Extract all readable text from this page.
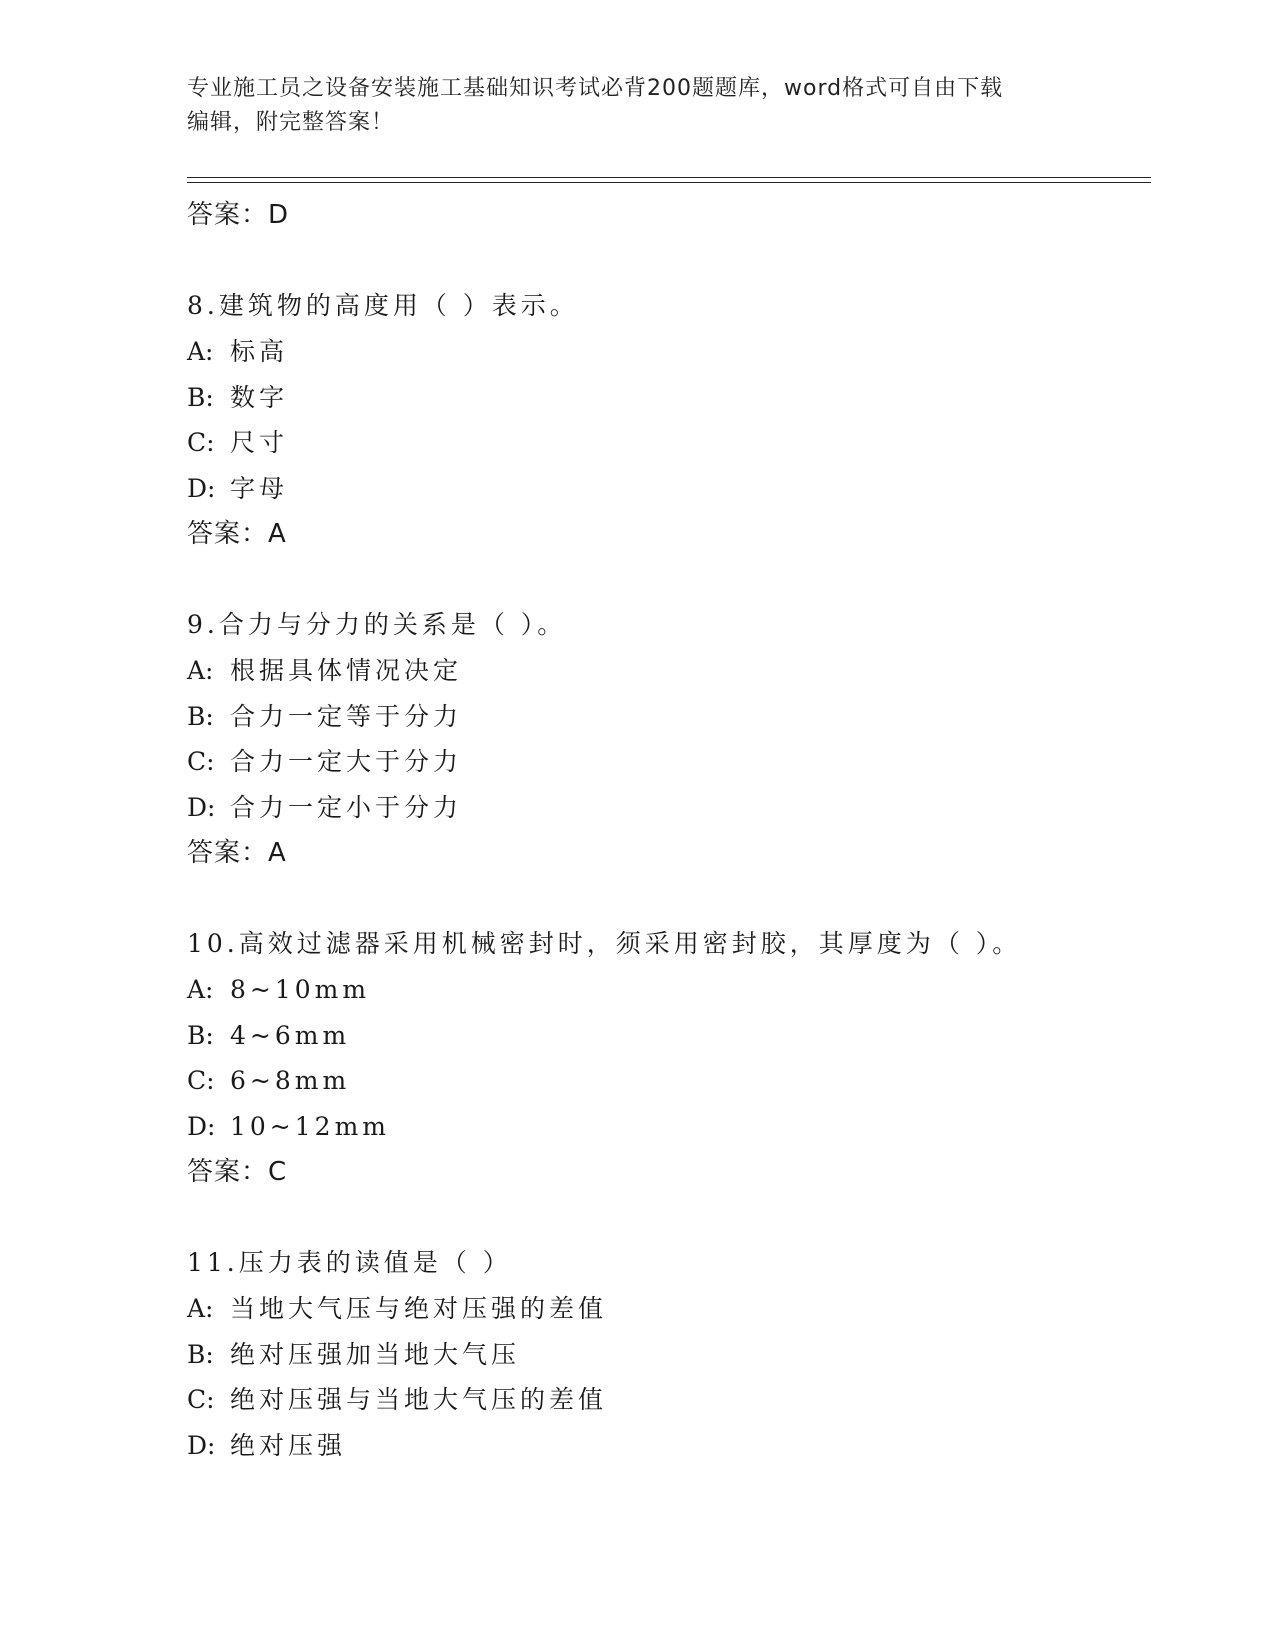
专业施工员之设备安装施工基础知识考试必背200题题库，word格式可自由下载
编辑，附完整答案！
答案：D
8.建筑物的高度用（ ）表示。
A: 标高
B: 数字
C: 尺寸
D: 字母
答案：A
9.合力与分力的关系是（ ）。
A: 根据具体情况决定
B: 合力一定等于分力
C: 合力一定大于分力
D: 合力一定小于分力
答案：A
10.高效过滤器采用机械密封时，须采用密封胶，其厚度为（ ）。
A: 8~10mm
B: 4~6mm
C: 6~8mm
D: 10~12mm
答案：C
11.压力表的读值是（ ）
A: 当地大气压与绝对压强的差值
B: 绝对压强加当地大气压
C: 绝对压强与当地大气压的差值
D: 绝对压强
